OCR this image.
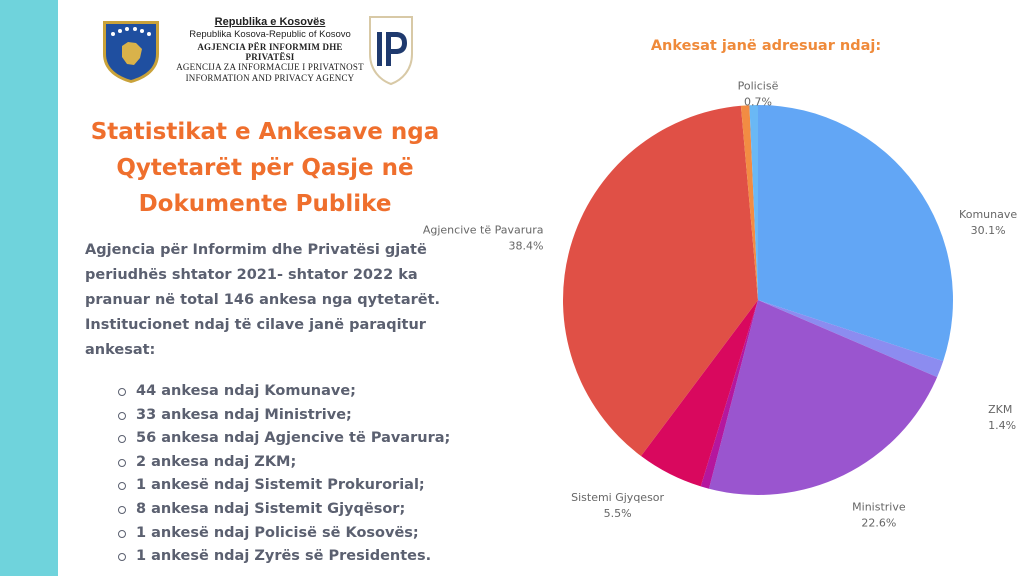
Republika e Kosovës
Republika Kosova-Republic of Kosovo
AGJENCIA PËR INFORMIM DHE PRIVATËSI
AGENCIJA ZA INFORMACIJE I PRIVATNOST
INFORMATION AND PRIVACY AGENCY
Statistikat e Ankesave nga
Qytetarët për Qasje në
Dokumente Publike

Agjencia për Informim dhe Privatësi gjatë periudhës shtator 2021- shtator 2022 ka pranuar në total 146 ankesa nga qytetarët.

Institucionet ndaj të cilave janë paraqitur ankesat:

44 ankesa ndaj Komunave;
33 ankesa ndaj Ministrive;
56 ankesa ndaj Agjencive të Pavarura;
2 ankesa ndaj ZKM;
1 ankesë ndaj Sistemit Prokurorial;
8 ankesa ndaj Sistemit Gjyqësor;
1 ankesë ndaj Policisë së Kosovës;
1 ankesë ndaj Zyrës së Presidentes.
Ankesat janë adresuar ndaj:
Komunave
30.1%
ZKM
1.4%
Ministrive
22.6%
Sistemi Gjyqesor
5.5%
Agjencive të Pavarura
38.4%
Policisë
0.7%
